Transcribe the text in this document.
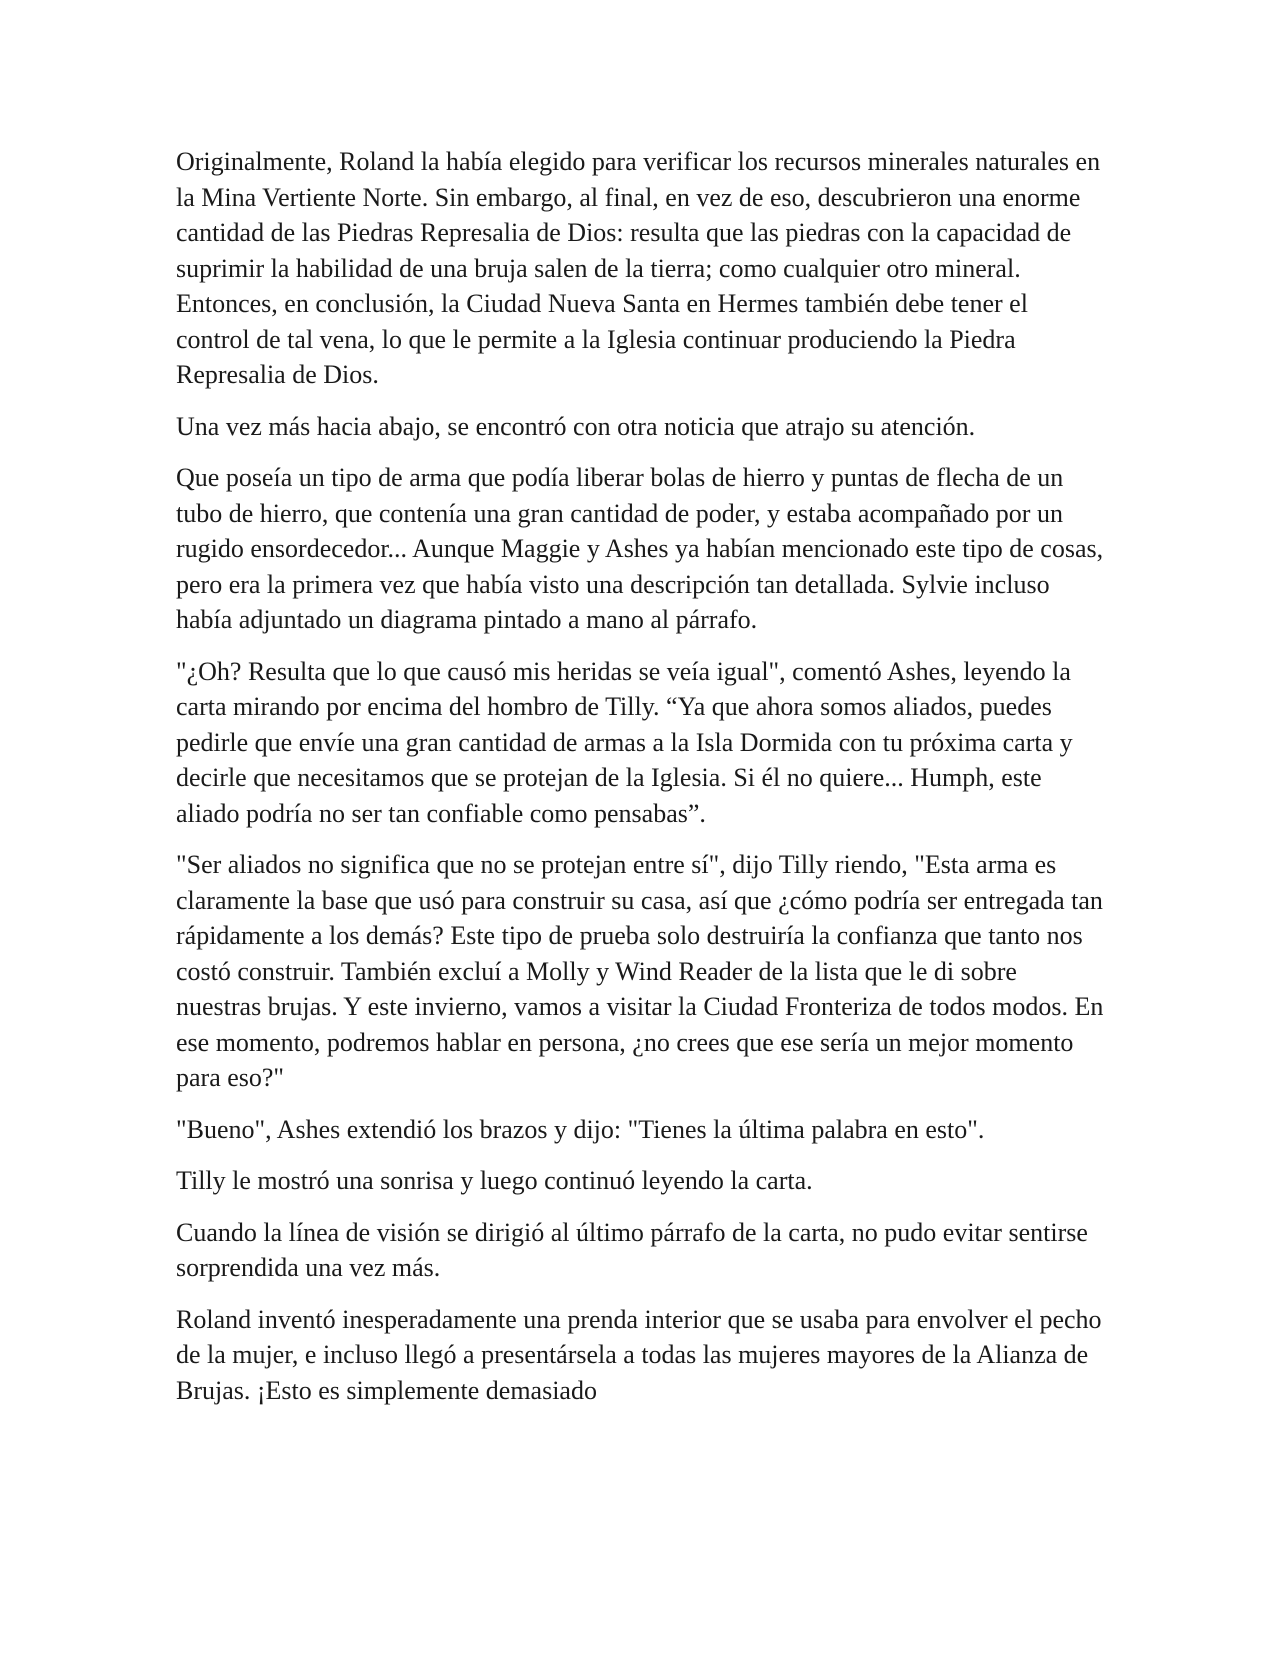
Originalmente, Roland la había elegido para verificar los recursos minerales naturales en la Mina Vertiente Norte. Sin embargo, al final, en vez de eso, descubrieron una enorme cantidad de las Piedras Represalia de Dios: resulta que las piedras con la capacidad de suprimir la habilidad de una bruja salen de la tierra; como cualquier otro mineral. Entonces, en conclusión, la Ciudad Nueva Santa en Hermes también debe tener el control de tal vena, lo que le permite a la Iglesia continuar produciendo la Piedra Represalia de Dios.

Una vez más hacia abajo, se encontró con otra noticia que atrajo su atención.

Que poseía un tipo de arma que podía liberar bolas de hierro y puntas de flecha de un tubo de hierro, que contenía una gran cantidad de poder, y estaba acompañado por un rugido ensordecedor... Aunque Maggie y Ashes ya habían mencionado este tipo de cosas, pero era la primera vez que había visto una descripción tan detallada. Sylvie incluso había adjuntado un diagrama pintado a mano al párrafo.

"¿Oh? Resulta que lo que causó mis heridas se veía igual", comentó Ashes, leyendo la carta mirando por encima del hombro de Tilly. “Ya que ahora somos aliados, puedes pedirle que envíe una gran cantidad de armas a la Isla Dormida con tu próxima carta y decirle que necesitamos que se protejan de la Iglesia. Si él no quiere... Humph, este aliado podría no ser tan confiable como pensabas”.

"Ser aliados no significa que no se protejan entre sí", dijo Tilly riendo, "Esta arma es claramente la base que usó para construir su casa, así que ¿cómo podría ser entregada tan rápidamente a los demás? Este tipo de prueba solo destruiría la confianza que tanto nos costó construir. También excluí a Molly y Wind Reader de la lista que le di sobre nuestras brujas. Y este invierno, vamos a visitar la Ciudad Fronteriza de todos modos. En ese momento, podremos hablar en persona, ¿no crees que ese sería un mejor momento para eso?"

"Bueno", Ashes extendió los brazos y dijo: "Tienes la última palabra en esto".

Tilly le mostró una sonrisa y luego continuó leyendo la carta.

Cuando la línea de visión se dirigió al último párrafo de la carta, no pudo evitar sentirse sorprendida una vez más.

Roland inventó inesperadamente una prenda interior que se usaba para envolver el pecho de la mujer, e incluso llegó a presentársela a todas las mujeres mayores de la Alianza de Brujas. ¡Esto es simplemente demasiado
